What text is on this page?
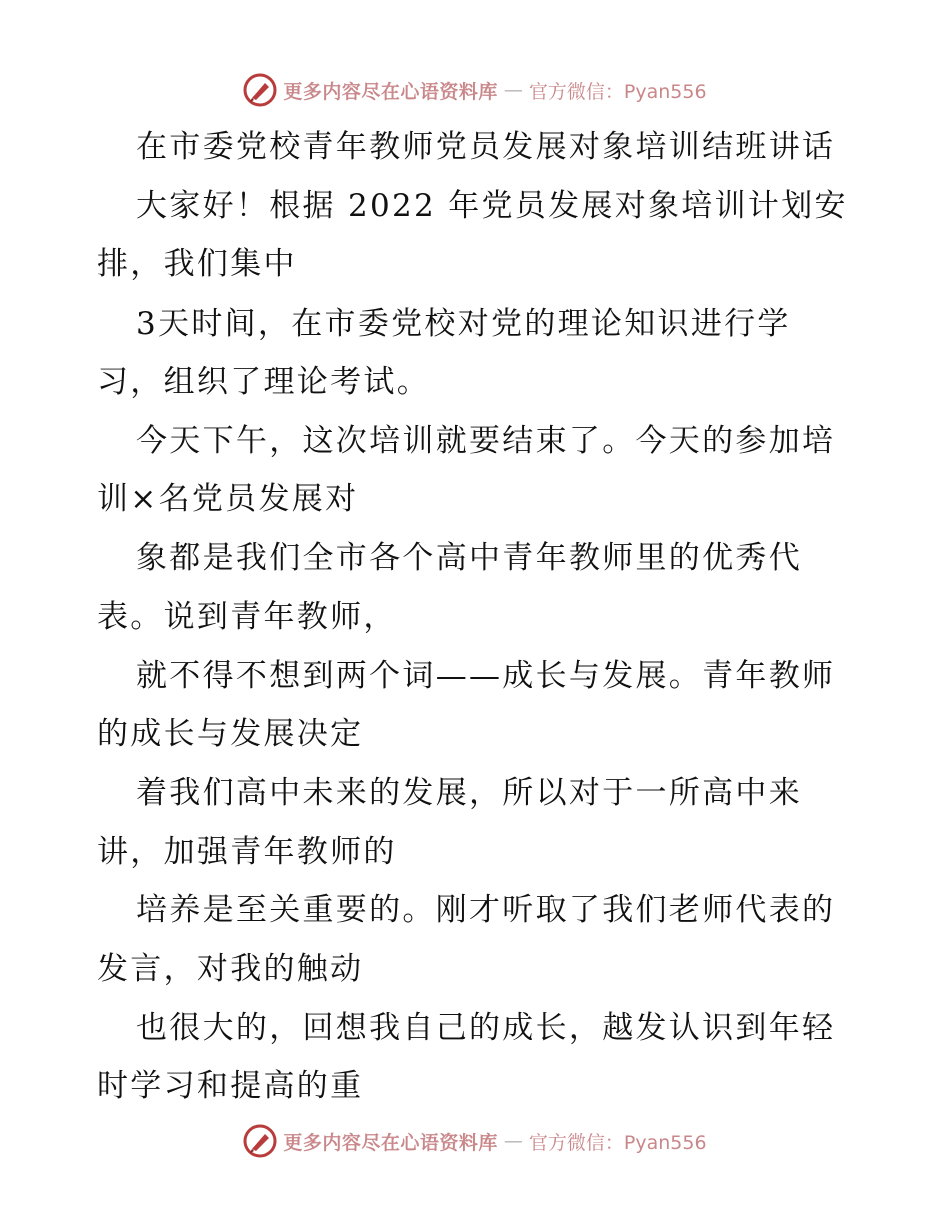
更多内容尽在心语资料库 — 官方微信：Pyan556
在市委党校青年教师党员发展对象培训结班讲话
大家好！根据 2022 年党员发展对象培训计划安
排，我们集中
3天时间，在市委党校对党的理论知识进行学
习，组织了理论考试。
今天下午，这次培训就要结束了。今天的参加培
训×名党员发展对
象都是我们全市各个高中青年教师里的优秀代
表。说到青年教师，
就不得不想到两个词——成长与发展。青年教师
的成长与发展决定
着我们高中未来的发展，所以对于一所高中来
讲，加强青年教师的
培养是至关重要的。刚才听取了我们老师代表的
发言，对我的触动
也很大的，回想我自己的成长，越发认识到年轻
时学习和提高的重
更多内容尽在心语资料库 — 官方微信：Pyan556
